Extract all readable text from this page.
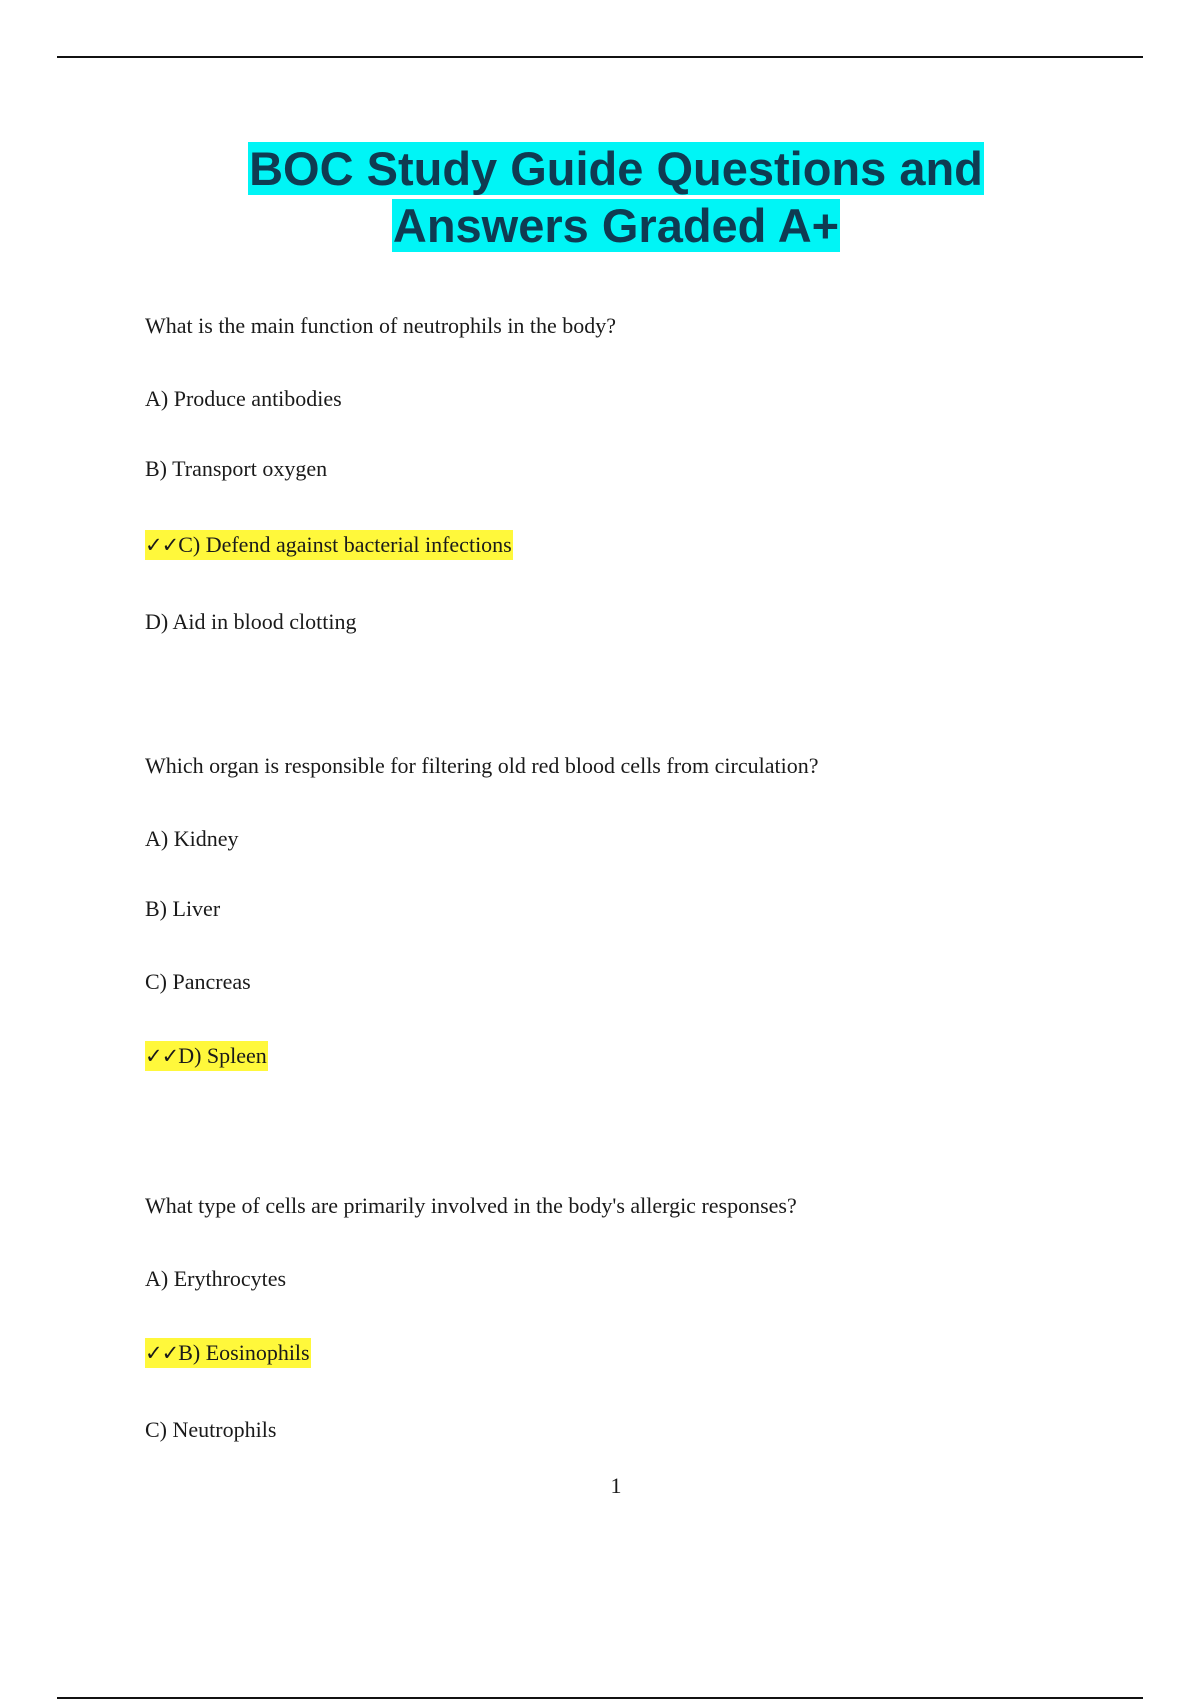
BOC Study Guide Questions and
Answers Graded A+
What is the main function of neutrophils in the body?
A) Produce antibodies
B) Transport oxygen
✓✓C) Defend against bacterial infections
D) Aid in blood clotting
Which organ is responsible for filtering old red blood cells from circulation?
A) Kidney
B) Liver
C) Pancreas
✓✓D) Spleen
What type of cells are primarily involved in the body's allergic responses?
A) Erythrocytes
✓✓B) Eosinophils
C) Neutrophils
1
